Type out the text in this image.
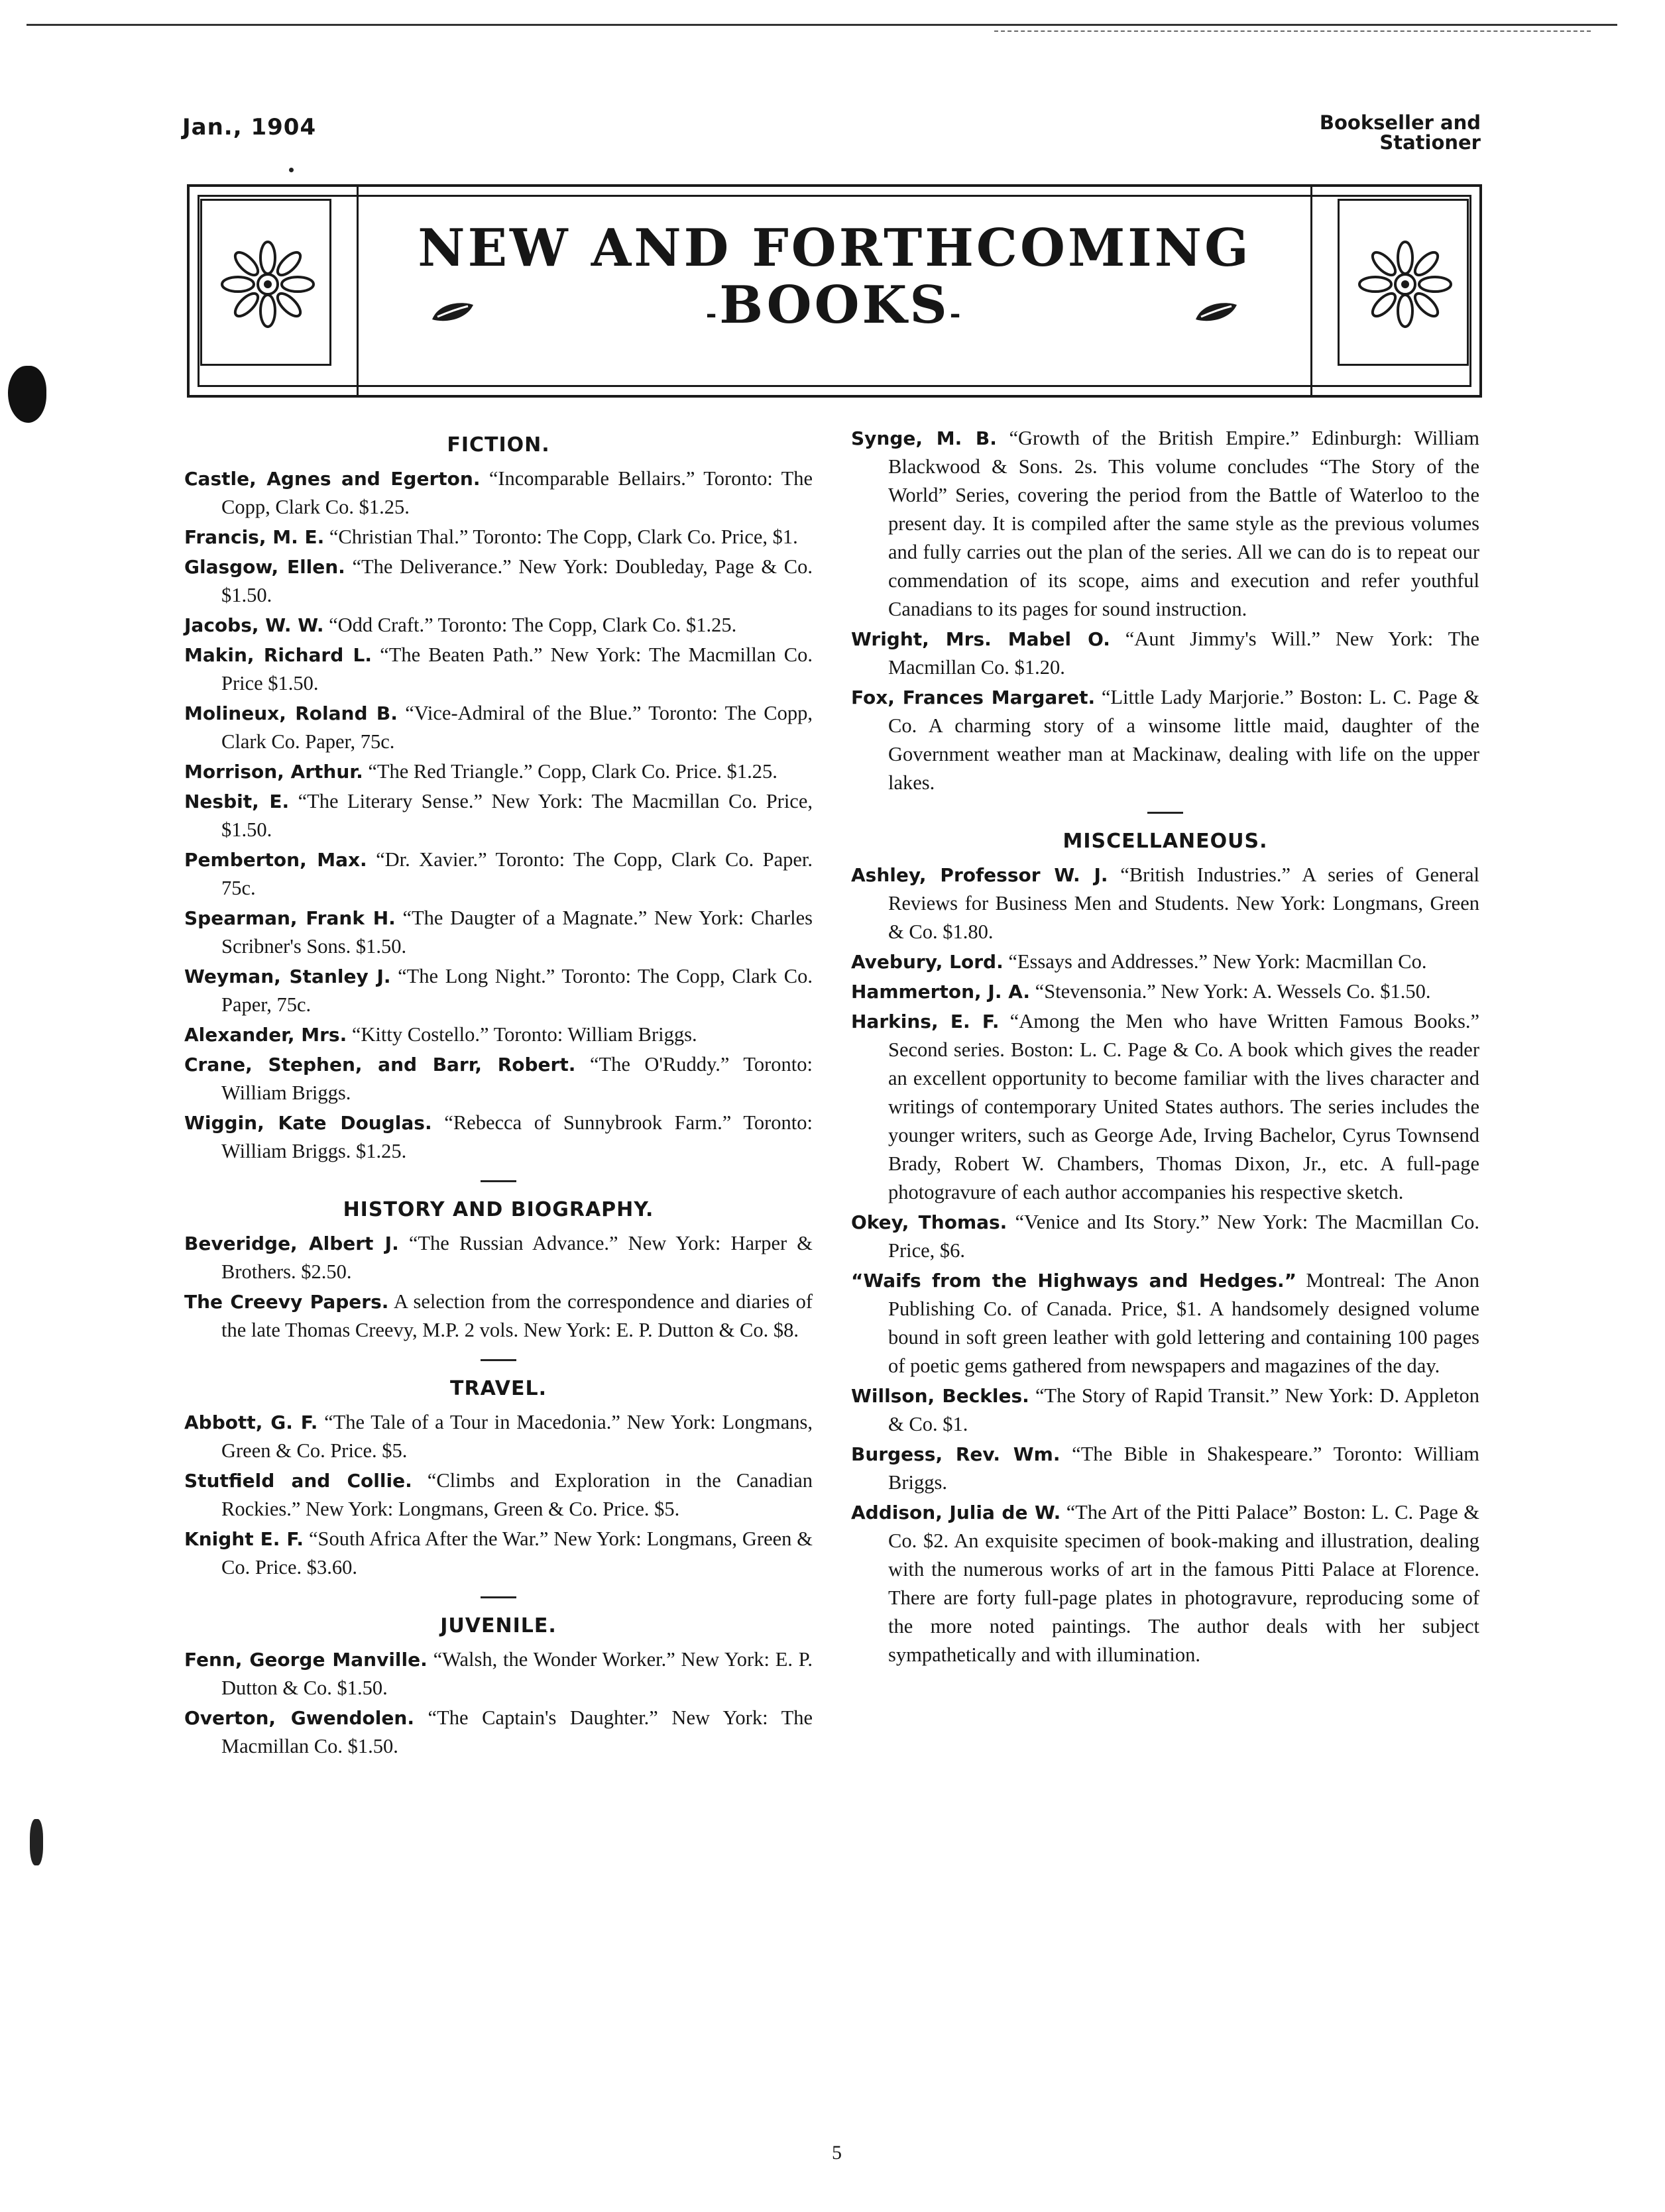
Jan., 1904	Bookseller and
Stationer
NEW AND FORTHCOMING
-BOOKS-
FICTION.

Castle, Agnes and Egerton. “Incomparable Bellairs.” Toronto: The Copp, Clark Co. $1.25.

Francis, M. E. “Christian Thal.” Toronto: The Copp, Clark Co. Price, $1.

Glasgow, Ellen. “The Deliverance.” New York: Doubleday, Page & Co. $1.50.

Jacobs, W. W. “Odd Craft.” Toronto: The Copp, Clark Co. $1.25.

Makin, Richard L. “The Beaten Path.” New York: The Macmillan Co. Price $1.50.

Molineux, Roland B. “Vice-Admiral of the Blue.” Toronto: The Copp, Clark Co. Paper, 75c.

Morrison, Arthur. “The Red Triangle.” Copp, Clark Co. Price. $1.25.

Nesbit, E. “The Literary Sense.” New York: The Macmillan Co. Price, $1.50.

Pemberton, Max. “Dr. Xavier.” Toronto: The Copp, Clark Co. Paper. 75c.

Spearman, Frank H. “The Daugter of a Magnate.” New York: Charles Scribner's Sons. $1.50.

Weyman, Stanley J. “The Long Night.” Toronto: The Copp, Clark Co. Paper, 75c.

Alexander, Mrs. “Kitty Costello.” Toronto: William Briggs.

Crane, Stephen, and Barr, Robert. “The O'Ruddy.” Toronto: William Briggs.

Wiggin, Kate Douglas. “Rebecca of Sunnybrook Farm.” Toronto: William Briggs. $1.25.

HISTORY AND BIOGRAPHY.

Beveridge, Albert J. “The Russian Advance.” New York: Harper & Brothers. $2.50.

The Creevy Papers. A selection from the correspondence and diaries of the late Thomas Creevy, M.P. 2 vols. New York: E. P. Dutton & Co. $8.

TRAVEL.

Abbott, G. F. “The Tale of a Tour in Macedonia.” New York: Longmans, Green & Co. Price. $5.

Stutfield and Collie. “Climbs and Exploration in the Canadian Rockies.” New York: Longmans, Green & Co. Price. $5.

Knight E. F. “South Africa After the War.” New York: Longmans, Green & Co. Price. $3.60.

JUVENILE.

Fenn, George Manville. “Walsh, the Wonder Worker.” New York: E. P. Dutton & Co. $1.50.

Overton, Gwendolen. “The Captain's Daughter.” New York: The Macmillan Co. $1.50.

Synge, M. B. “Growth of the British Empire.” Edinburgh: William Blackwood & Sons. 2s. This volume concludes “The Story of the World” Series, covering the period from the Battle of Waterloo to the present day. It is compiled after the same style as the previous volumes and fully carries out the plan of the series. All we can do is to repeat our commendation of its scope, aims and execution and refer youthful Canadians to its pages for sound instruction.

Wright, Mrs. Mabel O. “Aunt Jimmy's Will.” New York: The Macmillan Co. $1.20.

Fox, Frances Margaret. “Little Lady Marjorie.” Boston: L. C. Page & Co. A charming story of a winsome little maid, daughter of the Government weather man at Mackinaw, dealing with life on the upper lakes.

MISCELLANEOUS.

Ashley, Professor W. J. “British Industries.” A series of General Reviews for Business Men and Students. New York: Longmans, Green & Co. $1.80.

Avebury, Lord. “Essays and Addresses.” New York: Macmillan Co.

Hammerton, J. A. “Stevensonia.” New York: A. Wessels Co. $1.50.

Harkins, E. F. “Among the Men who have Written Famous Books.” Second series. Boston: L. C. Page & Co. A book which gives the reader an excellent opportunity to become familiar with the lives character and writings of contemporary United States authors. The series includes the younger writers, such as George Ade, Irving Bachelor, Cyrus Townsend Brady, Robert W. Chambers, Thomas Dixon, Jr., etc. A full-page photogravure of each author accompanies his respective sketch.

Okey, Thomas. “Venice and Its Story.” New York: The Macmillan Co. Price, $6.

“Waifs from the Highways and Hedges.” Montreal: The Anon Publishing Co. of Canada. Price, $1. A handsomely designed volume bound in soft green leather with gold lettering and containing 100 pages of poetic gems gathered from newspapers and magazines of the day.

Willson, Beckles. “The Story of Rapid Transit.” New York: D. Appleton & Co. $1.

Burgess, Rev. Wm. “The Bible in Shakespeare.” Toronto: William Briggs.

Addison, Julia de W. “The Art of the Pitti Palace” Boston: L. C. Page & Co. $2. An exquisite specimen of book-making and illustration, dealing with the numerous works of art in the famous Pitti Palace at Florence. There are forty full-page plates in photogravure, reproducing some of the more noted paintings. The author deals with her subject sympathetically and with illumination.

5
